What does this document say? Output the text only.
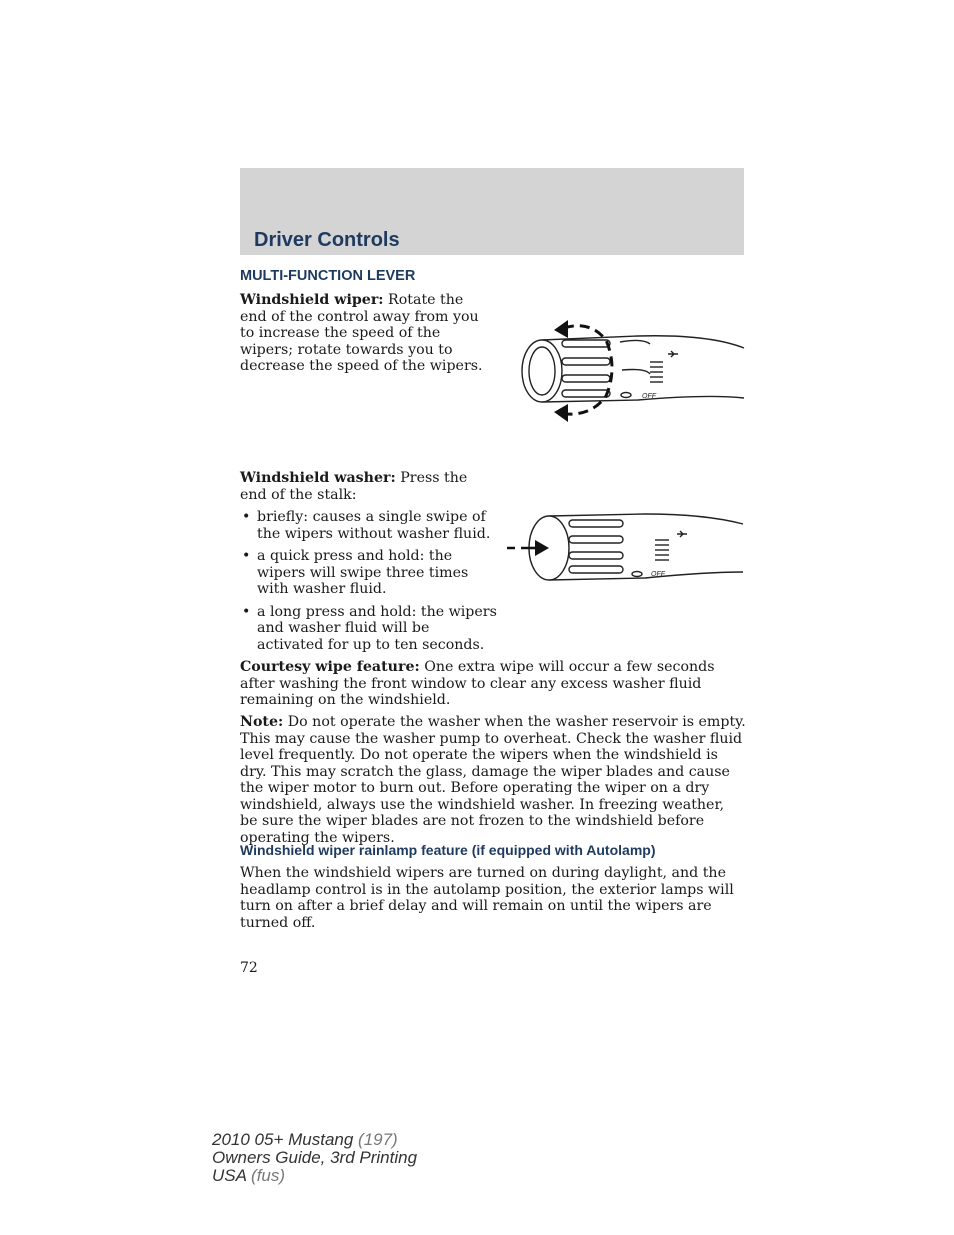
Driver Controls
MULTI-FUNCTION LEVER

Windshield wiper: Rotate the end of the control away from you to increase the speed of the wipers; rotate towards you to decrease the speed of the wipers.

OFF

Windshield washer: Press the end of the stalk:

• briefly: causes a single swipe of the wipers without washer fluid.
• a quick press and hold: the wipers will swipe three times with washer fluid.
• a long press and hold: the wipers and washer fluid will be activated for up to ten seconds.
OFF

Courtesy wipe feature: One extra wipe will occur a few seconds after washing the front window to clear any excess washer fluid remaining on the windshield.

Note: Do not operate the washer when the washer reservoir is empty. This may cause the washer pump to overheat. Check the washer fluid level frequently. Do not operate the wipers when the windshield is dry. This may scratch the glass, damage the wiper blades and cause the wiper motor to burn out. Before operating the wiper on a dry windshield, always use the windshield washer. In freezing weather, be sure the wiper blades are not frozen to the windshield before operating the wipers.

Windshield wiper rainlamp feature (if equipped with Autolamp)

When the windshield wipers are turned on during daylight, and the headlamp control is in the autolamp position, the exterior lamps will turn on after a brief delay and will remain on until the wipers are turned off.

72
2010 05+ Mustang (197)
Owners Guide, 3rd Printing
USA (fus)
